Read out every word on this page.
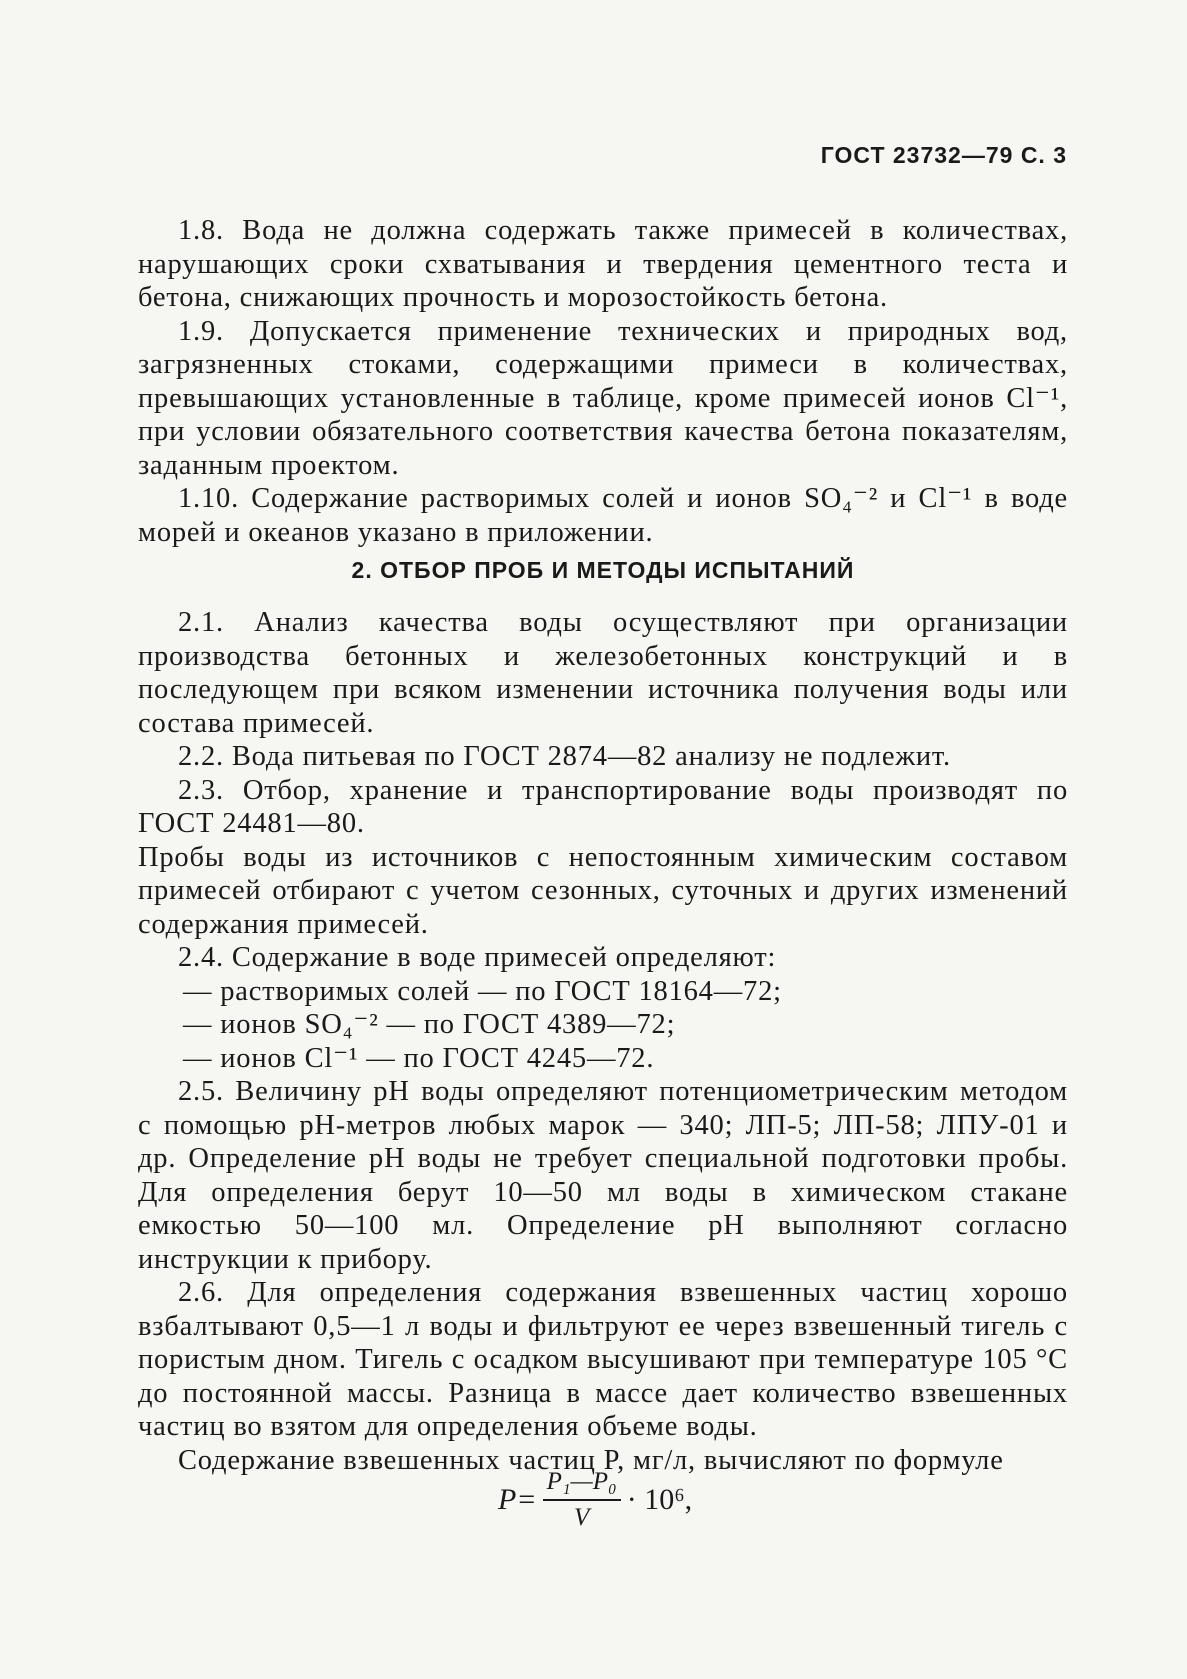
ГОСТ 23732—79 С. 3

1.8. Вода не должна содержать также примесей в количествах, нарушающих сроки схватывания и твердения цементного теста и бетона, снижающих прочность и морозостойкость бетона.

1.9. Допускается применение технических и природных вод, загрязненных стоками, содержащими примеси в количествах, превышающих установленные в таблице, кроме примесей ионов Cl⁻¹, при условии обязательного соответствия качества бетона показателям, заданным проектом.

1.10. Содержание растворимых солей и ионов SO₄⁻² и Cl⁻¹ в воде морей и океанов указано в приложении.

2. ОТБОР ПРОБ И МЕТОДЫ ИСПЫТАНИЙ

2.1. Анализ качества воды осуществляют при организации производства бетонных и железобетонных конструкций и в последующем при всяком изменении источника получения воды или состава примесей.

2.2. Вода питьевая по ГОСТ 2874—82 анализу не подлежит.

2.3. Отбор, хранение и транспортирование воды производят по ГОСТ 24481—80.

Пробы воды из источников с непостоянным химическим составом примесей отбирают с учетом сезонных, суточных и других изменений содержания примесей.

2.4. Содержание в воде примесей определяют:

— растворимых солей — по ГОСТ 18164—72;

— ионов SO₄⁻² — по ГОСТ 4389—72;

— ионов Cl⁻¹ — по ГОСТ 4245—72.

2.5. Величину pH воды определяют потенциометрическим методом с помощью pH-метров любых марок — 340; ЛП-5; ЛП-58; ЛПУ-01 и др. Определение pH воды не требует специальной подготовки пробы. Для определения берут 10—50 мл воды в химическом стакане емкостью 50—100 мл. Определение pH выполняют согласно инструкции к прибору.

2.6. Для определения содержания взвешенных частиц хорошо взбалтывают 0,5—1 л воды и фильтруют ее через взвешенный тигель с пористым дном. Тигель с осадком высушивают при температуре 105 °C до постоянной массы. Разница в массе дает количество взвешенных частиц во взятом для определения объеме воды.

Содержание взвешенных частиц P, мг/л, вычисляют по формуле

$P= \frac{\text{P₁—P₀}}{V} \cdot 10^6$,
